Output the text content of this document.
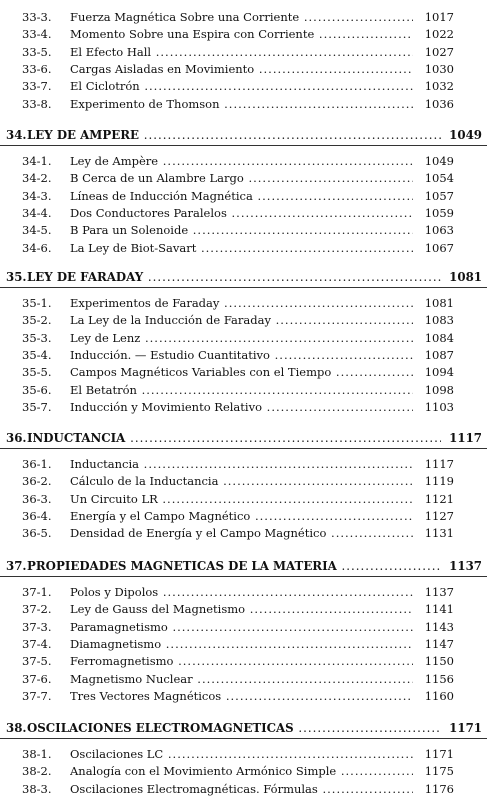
33-3. Fuerza Magnética Sobre una Corriente .....	1017
33-4. Momento Sobre una Espira con Corriente .....	1022
33-5. El Efecto Hall .....	1027
33-6. Cargas Aisladas en Movimiento .....	1030
33-7. El Ciclotrón .....	1032
33-8. Experimento de Thomson .....	1036
34. LEY DE AMPERE .....	1049
34-1. Ley de Ampère .....	1049
34-2. B Cerca de un Alambre Largo .....	1054
34-3. Líneas de Inducción Magnética .....	1057
34-4. Dos Conductores Paralelos .....	1059
34-5. B Para un Solenoide .....	1063
34-6. La Ley de Biot-Savart .....	1067
35. LEY DE FARADAY .....	1081
35-1. Experimentos de Faraday .....	1081
35-2. La Ley de la Inducción de Faraday .....	1083
35-3. Ley de Lenz .....	1084
35-4. Inducción. — Estudio Cuantitativo .....	1087
35-5. Campos Magnéticos Variables con el Tiempo .....	1094
35-6. El Betatrón .....	1098
35-7. Inducción y Movimiento Relativo .....	1103
36. INDUCTANCIA .....	1117
36-1. Inductancia .....	1117
36-2. Cálculo de la Inductancia .....	1119
36-3. Un Circuito LR .....	1121
36-4. Energía y el Campo Magnético .....	1127
36-5. Densidad de Energía y el Campo Magnético .....	1131
37. PROPIEDADES MAGNETICAS DE LA MATERIA .....	1137
37-1. Polos y Dipolos .....	1137
37-2. Ley de Gauss del Magnetismo .....	1141
37-3. Paramagnetismo .....	1143
37-4. Diamagnetismo .....	1147
37-5. Ferromagnetismo .....	1150
37-6. Magnetismo Nuclear .....	1156
37-7. Tres Vectores Magnéticos .....	1160
38. OSCILACIONES ELECTROMAGNETICAS .....	1171
38-1. Oscilaciones LC .....	1171
38-2. Analogía con el Movimiento Armónico Simple .....	1175
38-3. Oscilaciones Electromagnéticas. Fórmulas .....	1176
